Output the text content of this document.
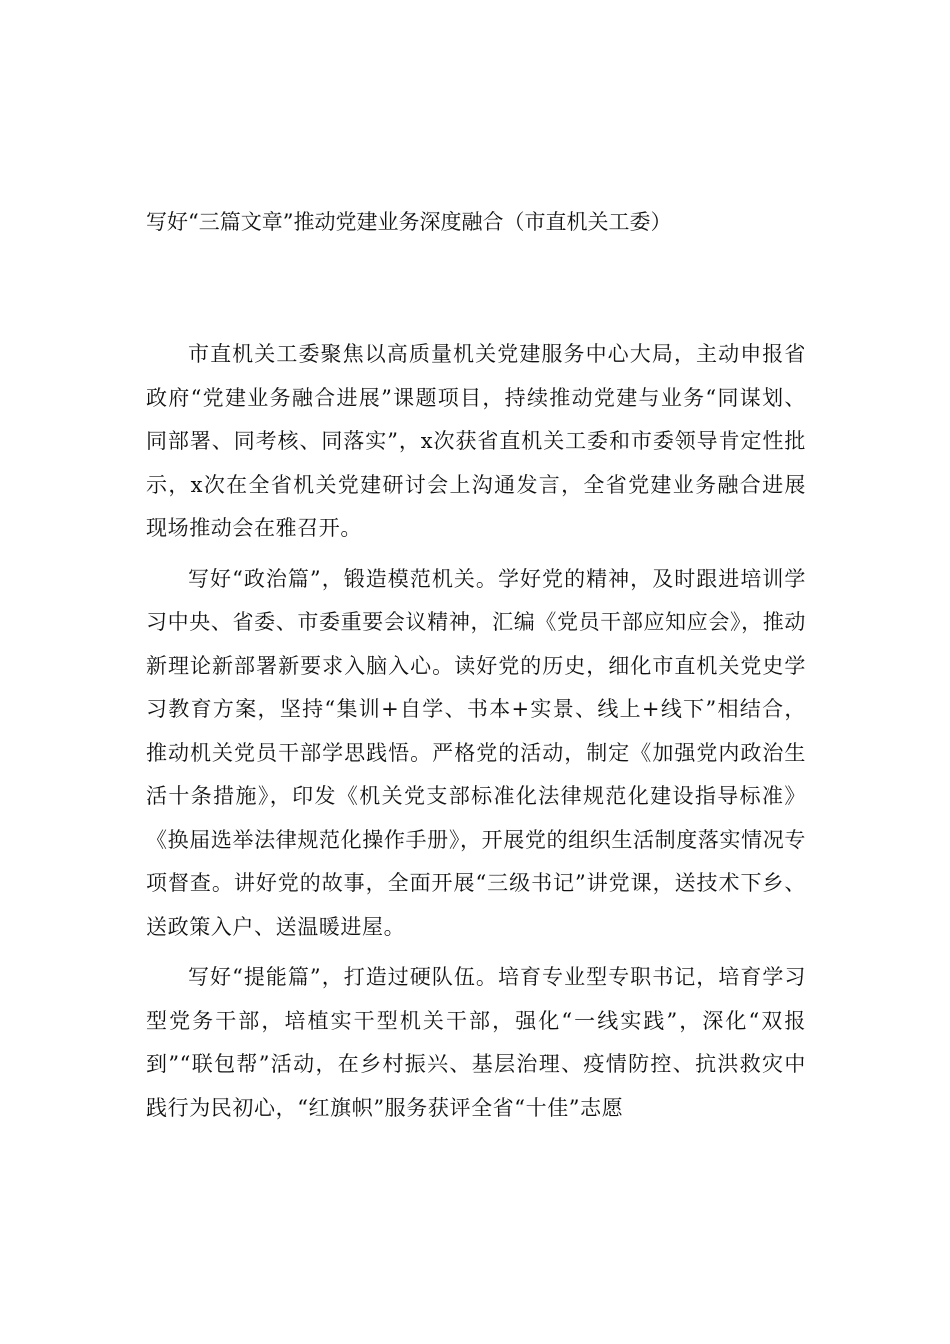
写好“三篇文章”推动党建业务深度融合（市直机关工委）

市直机关工委聚焦以高质量机关党建服务中心大局，主动申报省政府“党建业务融合进展”课题项目，持续推动党建与业务“同谋划、同部署、同考核、同落实”，x次获省直机关工委和市委领导肯定性批示，x次在全省机关党建研讨会上沟通发言，全省党建业务融合进展现场推动会在雅召开。

写好“政治篇”，锻造模范机关。学好党的精神，及时跟进培训学习中央、省委、市委重要会议精神，汇编《党员干部应知应会》，推动新理论新部署新要求入脑入心。读好党的历史，细化市直机关党史学习教育方案，坚持“集训+自学、书本+实景、线上+线下”相结合，推动机关党员干部学思践悟。严格党的活动，制定《加强党内政治生活十条措施》，印发《机关党支部标准化法律规范化建设指导标准》《换届选举法律规范化操作手册》，开展党的组织生活制度落实情况专项督查。讲好党的故事，全面开展“三级书记”讲党课，送技术下乡、送政策入户、送温暖进屋。

写好“提能篇”，打造过硬队伍。培育专业型专职书记，培育学习型党务干部，培植实干型机关干部，强化“一线实践”，深化“双报到”“联包帮”活动，在乡村振兴、基层治理、疫情防控、抗洪救灾中践行为民初心，“红旗帜”服务获评全省“十佳”志愿
